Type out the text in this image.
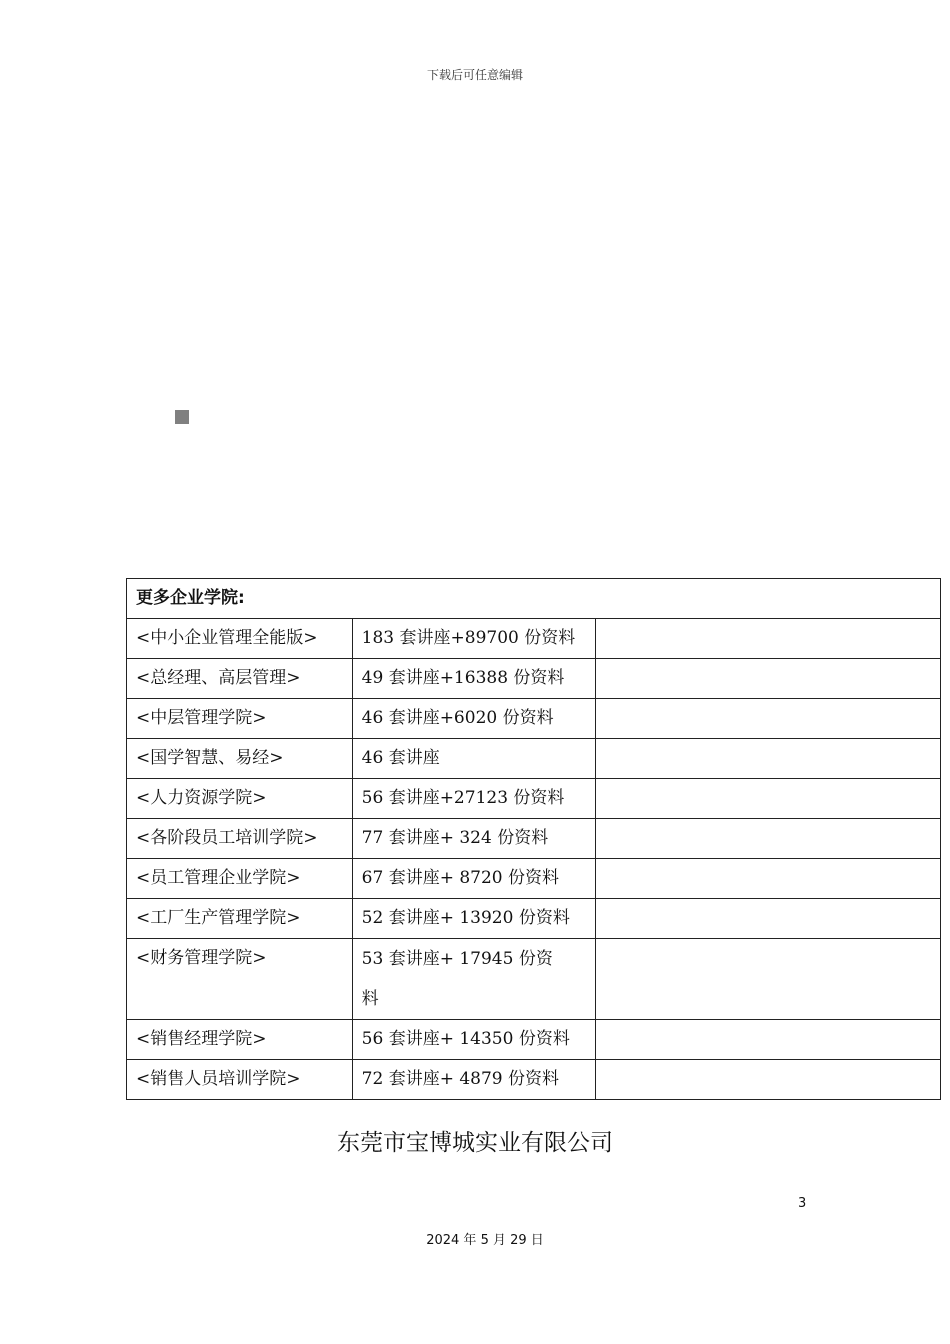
下载后可任意编辑
更多企业学院:		
<中小企业管理全能版>	183 套讲座+89700 份资料	
<总经理、高层管理>	49 套讲座+16388 份资料	
<中层管理学院>	46 套讲座+6020 份资料	
<国学智慧、易经>	46 套讲座	
<人力资源学院>	56 套讲座+27123 份资料	
<各阶段员工培训学院>	77 套讲座+ 324 份资料	
<员工管理企业学院>	67 套讲座+ 8720 份资料	
<工厂生产管理学院>	52 套讲座+ 13920 份资料	
<财务管理学院>	53 套讲座+ 17945 份资料	

<销售经理学院>	56 套讲座+ 14350 份资料	
<销售人员培训学院>	72 套讲座+ 4879 份资料	
东莞市宝博城实业有限公司
3
2024 年 5 月 29 日
